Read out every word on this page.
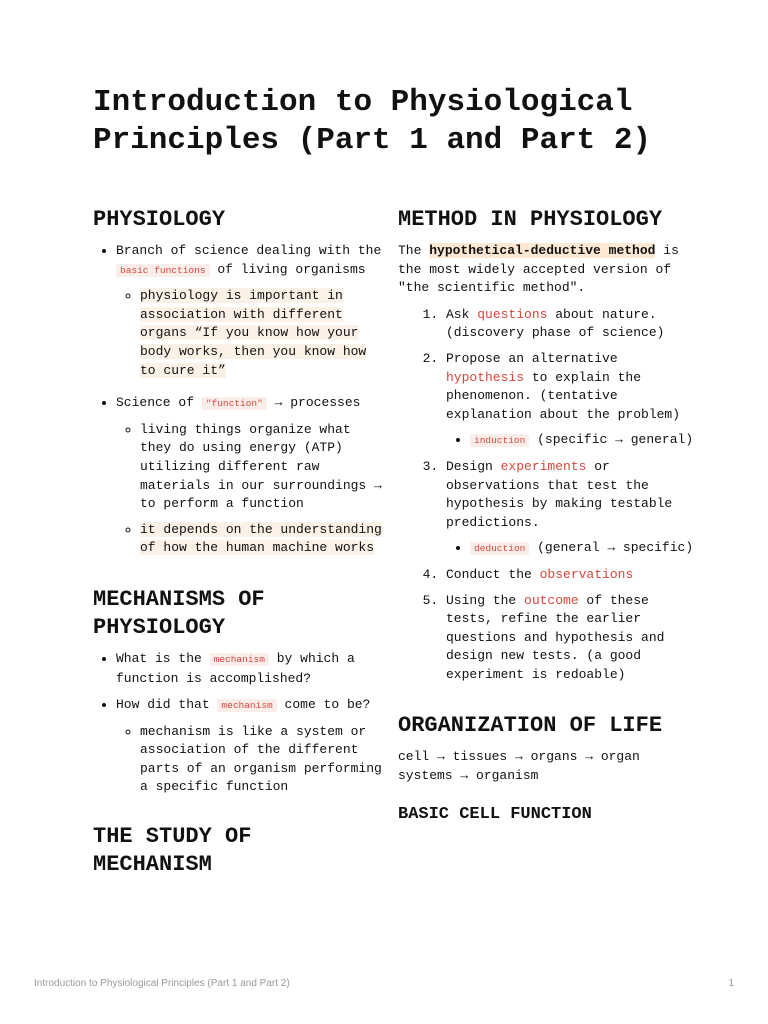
Introduction to Physiological Principles (Part 1 and Part 2)
PHYSIOLOGY
• Branch of science dealing with the basic functions of living organisms
◦ physiology is important in association with different organs “If you know how your body works, then you know how to cure it”
• Science of "function" → processes
◦ living things organize what they do using energy (ATP) utilizing different raw materials in our surroundings → to perform a function
◦ it depends on the understanding of how the human machine works
MECHANISMS OF PHYSIOLOGY
• What is the mechanism by which a function is accomplished?
• How did that mechanism come to be?
◦ mechanism is like a system or association of the different parts of an organism performing a specific function
THE STUDY OF MECHANISM
METHOD IN PHYSIOLOGY

The hypothetical-deductive method is the most widely accepted version of "the scientific method".

1. Ask questions about nature. (discovery phase of science)
2. Propose an alternative hypothesis to explain the phenomenon. (tentative explanation about the problem)
• induction (specific → general)
3. Design experiments or observations that test the hypothesis by making testable predictions.
• deduction (general → specific)
4. Conduct the observations
5. Using the outcome of these tests, refine the earlier questions and hypothesis and design new tests. (a good experiment is redoable)
ORGANIZATION OF LIFE

cell → tissues → organs → organ systems → organism

BASIC CELL FUNCTION
Introduction to Physiological Principles (Part 1 and Part 2)	1
